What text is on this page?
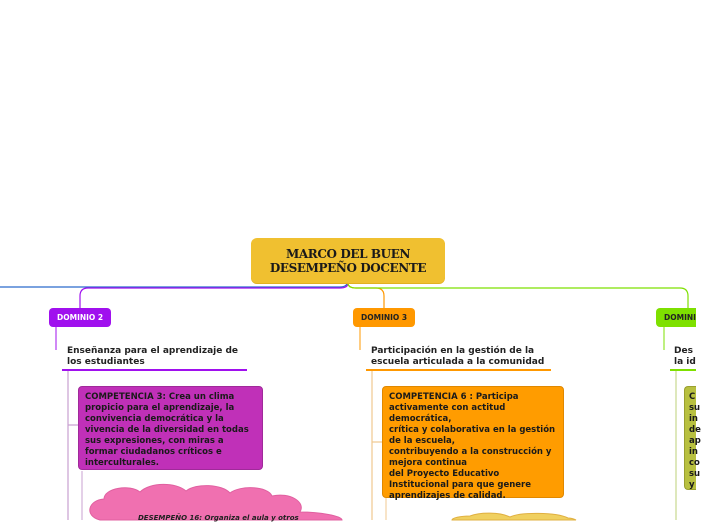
MARCO DEL BUEN
DESEMPEÑO DOCENTE
DOMINIO 2
Enseñanza para el aprendizaje de los estudiantes
COMPETENCIA 3: Crea un clima propicio para el aprendizaje, la convivencia democrática y la vivencia de la diversidad en todas sus expresiones, con miras a formar ciudadanos críticos e interculturales.
DESEMPEÑO 16: Organiza el aula y otros
DOMINIO 3
Participación en la gestión de la escuela articulada a la comunidad
COMPETENCIA 6 : Participa
activamente con actitud
democrática,
crítica y colaborativa en la gestión
de la escuela,
contribuyendo a la construcción y
mejora continua
del Proyecto Educativo
Institucional para que genere
aprendizajes de calidad.
DOMINI
Des
la id
C
su
in
de
ap
in
co
su
y
